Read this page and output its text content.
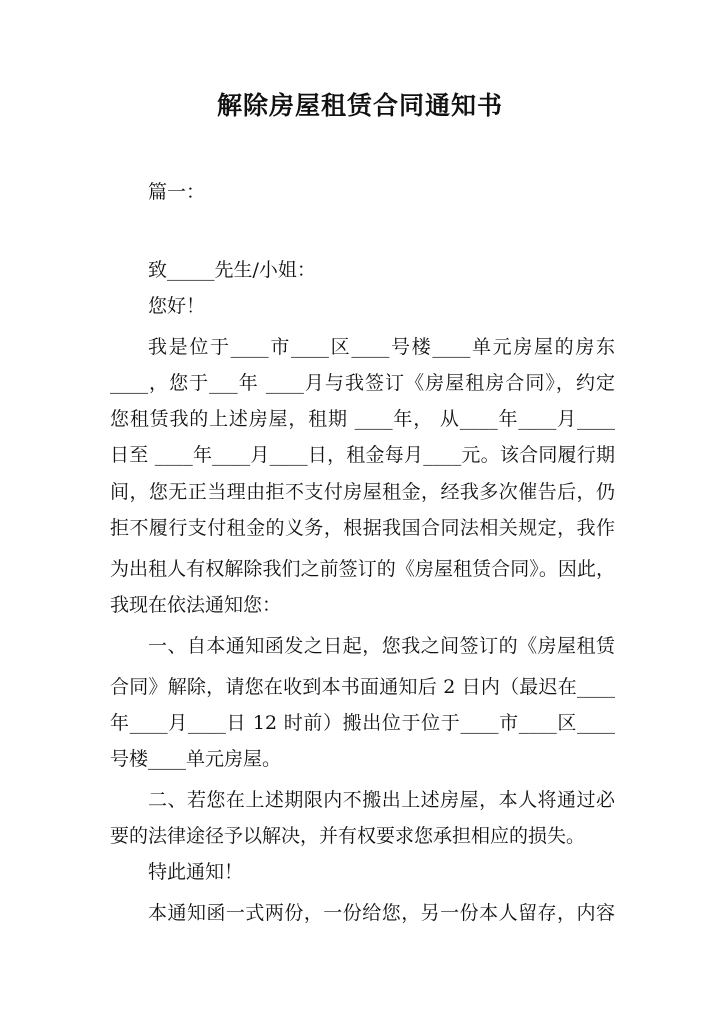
解除房屋租赁合同通知书
篇一：
致_____先生/小姐：
您好！
我是位于____市____区____号楼____单元房屋的房东
____，您于___年 ____月与我签订《房屋租房合同》，约定
您租赁我的上述房屋，租期 ____年， 从____年____月____
日至 ____年____月____日，租金每月____元。该合同履行期
间，您无正当理由拒不支付房屋租金，经我多次催告后，仍
拒不履行支付租金的义务，根据我国合同法相关规定，我作
为出租人有权解除我们之前签订的《房屋租赁合同》。因此，
我现在依法通知您：
一、自本通知函发之日起，您我之间签订的《房屋租赁
合同》解除，请您在收到本书面通知后 2 日内（最迟在____
年____月____日 12 时前）搬出位于位于____市____区____
号楼____单元房屋。
二、若您在上述期限内不搬出上述房屋，本人将通过必
要的法律途径予以解决，并有权要求您承担相应的损失。
特此通知！
本通知函一式两份，一份给您，另一份本人留存，内容
